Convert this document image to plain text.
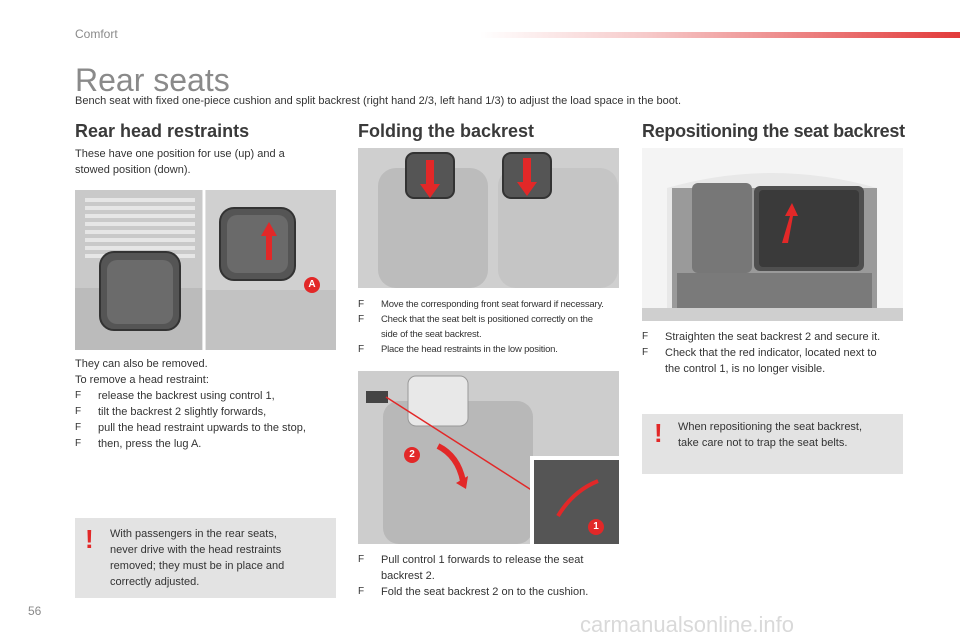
Comfort
Rear seats
Bench seat with fixed one-piece cushion and split backrest (right hand 2/3, left hand 1/3) to adjust the load space in the boot.
Rear head restraints
These have one position for use (up) and a
stowed position (down).
A
They can also be removed.
To remove a head restraint:
F release the backrest using control 1,
F tilt the backrest 2 slightly forwards,
F pull the head restraint upwards to the stop,
F then, press the lug A.
! With passengers in the rear seats,
never drive with the head restraints
removed; they must be in place and
correctly adjusted.
Folding the backrest
F Move the corresponding front seat forward if necessary.
F Check that the seat belt is positioned correctly on the
side of the seat backrest.
F Place the head restraints in the low position.
2
1
F Pull control 1 forwards to release the seat
backrest 2.
F Fold the seat backrest 2 on to the cushion.
Repositioning the seat backrest
F Straighten the seat backrest 2 and secure it.
F Check that the red indicator, located next to
the control 1, is no longer visible.
! When repositioning the seat backrest,
take care not to trap the seat belts.
56
carmanualsonline.info
